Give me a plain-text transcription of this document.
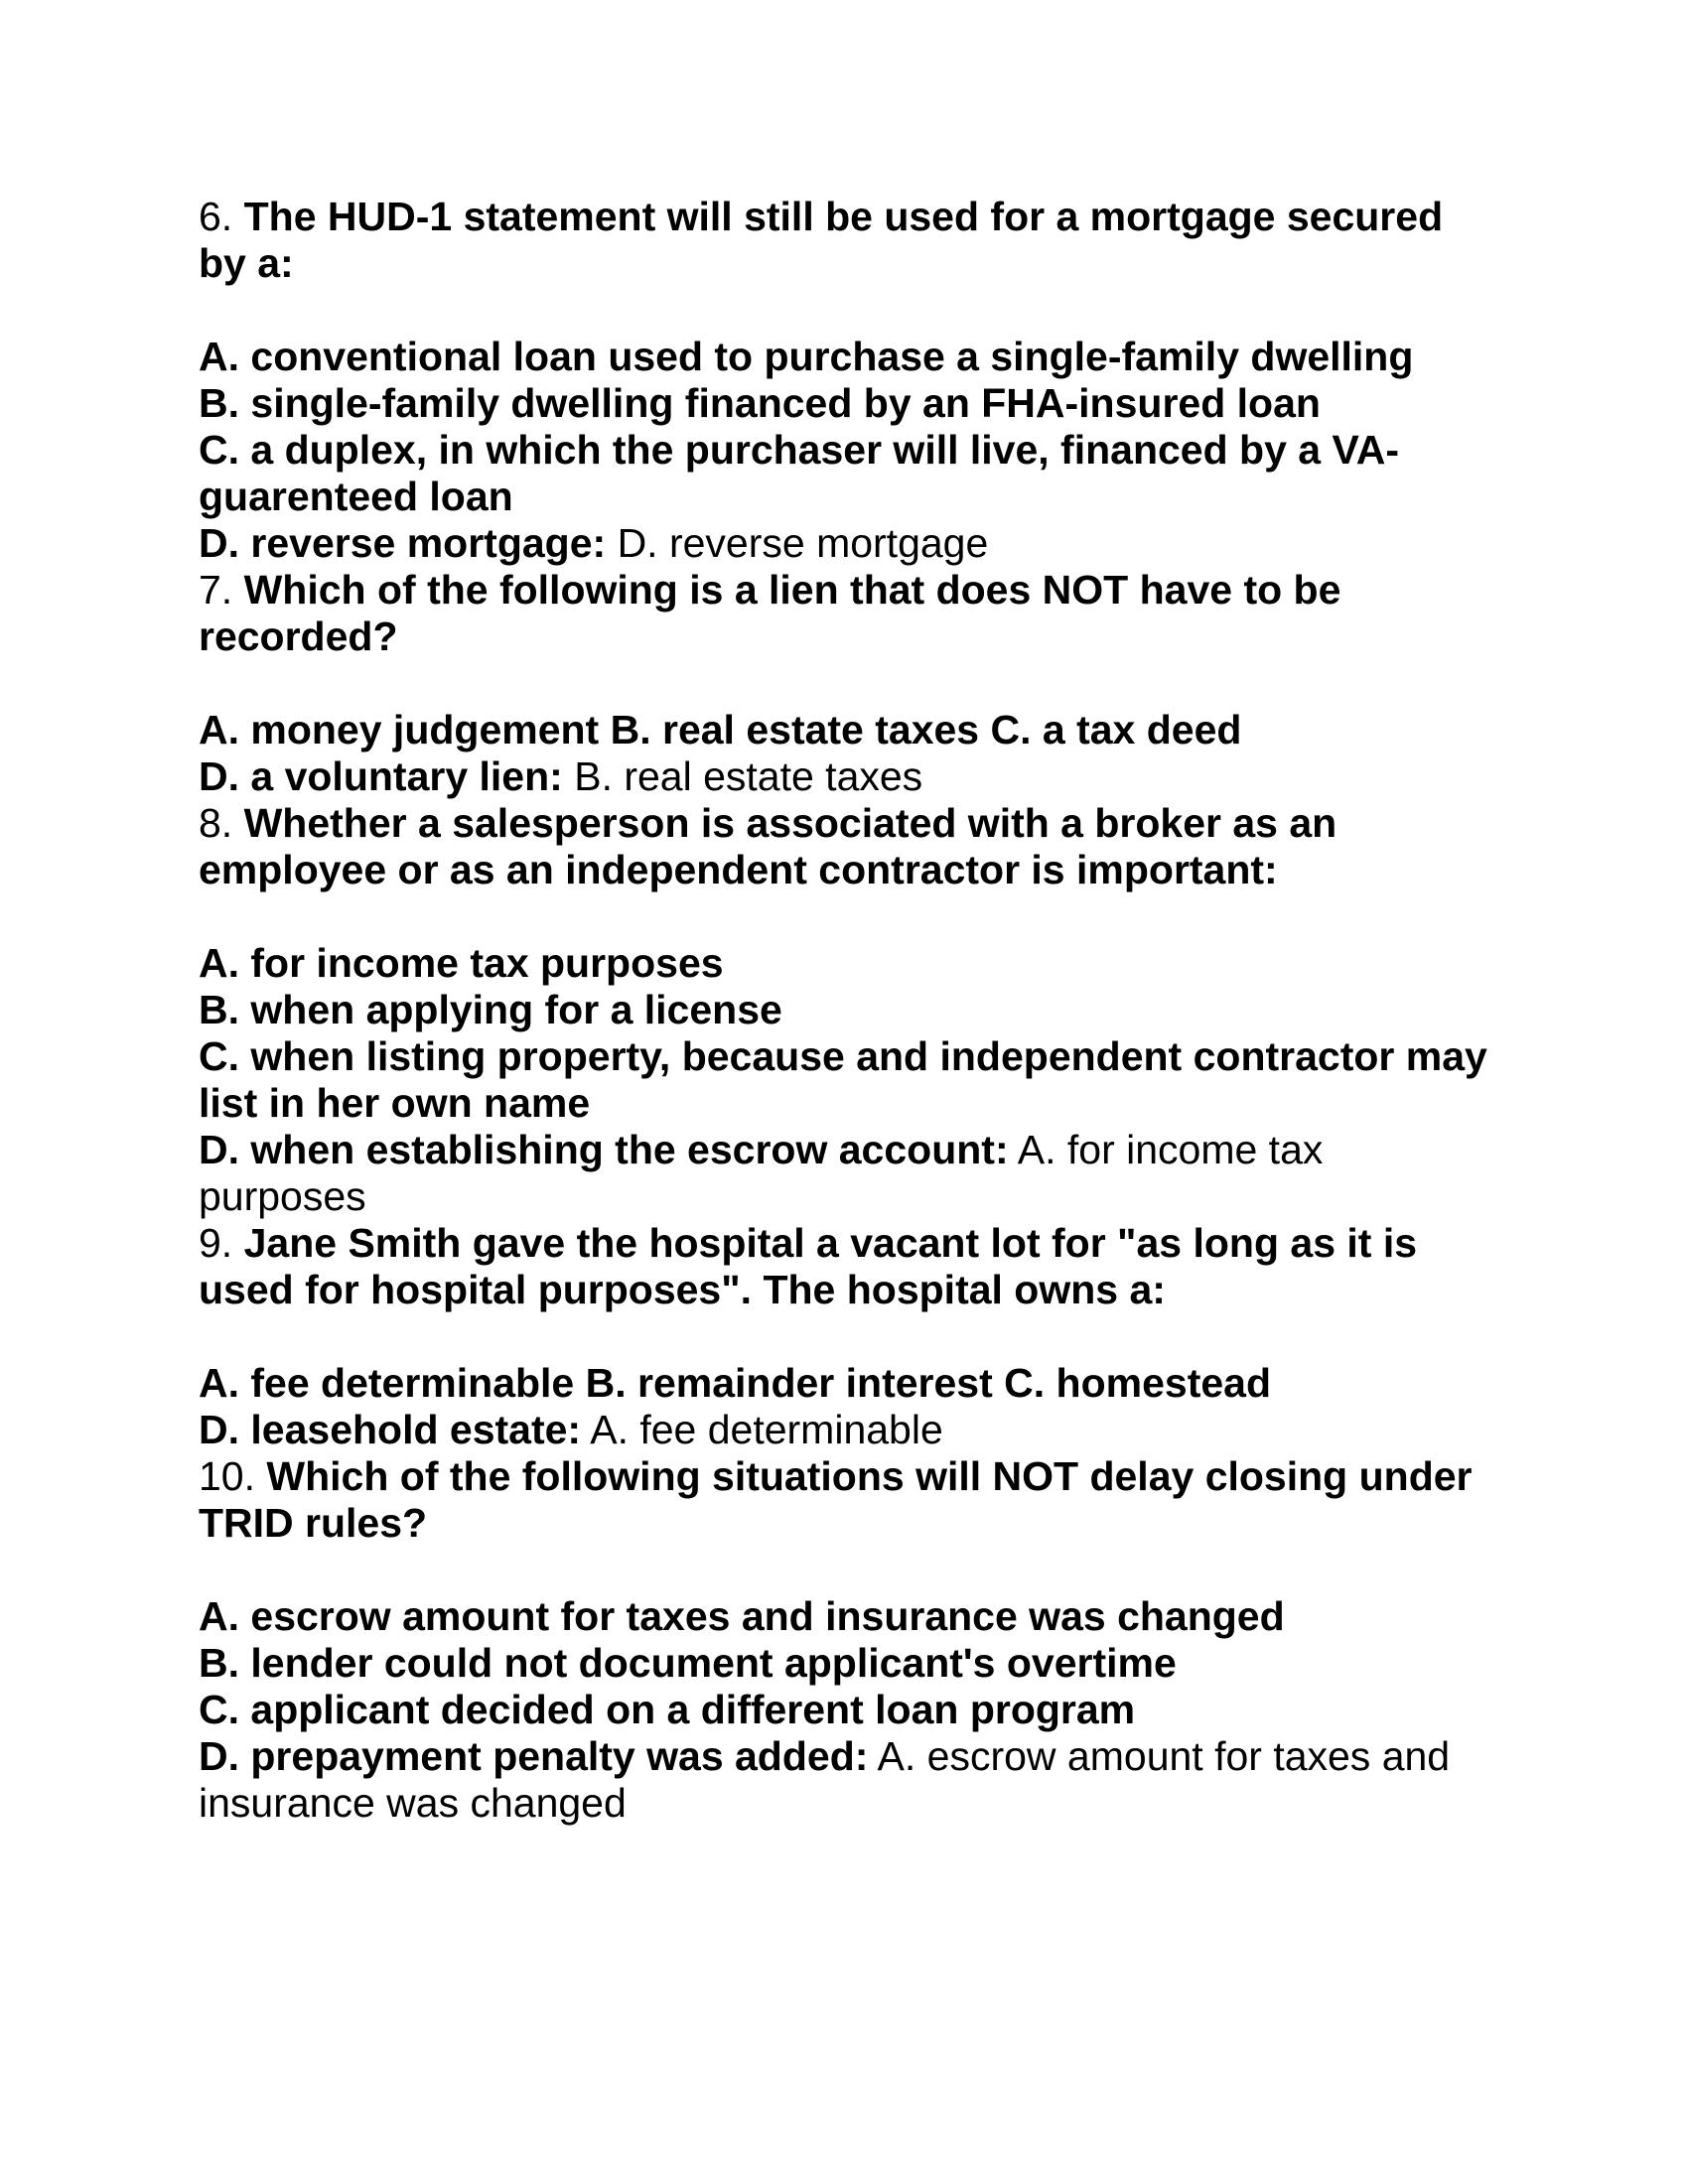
6. The HUD-1 statement will still be used for a mortgage secured by a:

A. conventional loan used to purchase a single-family dwelling

B. single-family dwelling financed by an FHA-insured loan

C. a duplex, in which the purchaser will live, financed by a VA-guarenteed loan

D. reverse mortgage: D. reverse mortgage

7. Which of the following is a lien that does NOT have to be recorded?

A. money judgement B. real estate taxes C. a tax deed

D. a voluntary lien: B. real estate taxes

8. Whether a salesperson is associated with a broker as an employee or as an independent contractor is important:

A. for income tax purposes

B. when applying for a license

C. when listing property, because and independent contractor may list in her own name

D. when establishing the escrow account: A. for income tax purposes

9. Jane Smith gave the hospital a vacant lot for "as long as it is used for hospital purposes". The hospital owns a:

A. fee determinable B. remainder interest C. homestead

D. leasehold estate: A. fee determinable

10. Which of the following situations will NOT delay closing under TRID rules?

A. escrow amount for taxes and insurance was changed

B. lender could not document applicant's overtime

C. applicant decided on a different loan program

D. prepayment penalty was added: A. escrow amount for taxes and insurance was changed
